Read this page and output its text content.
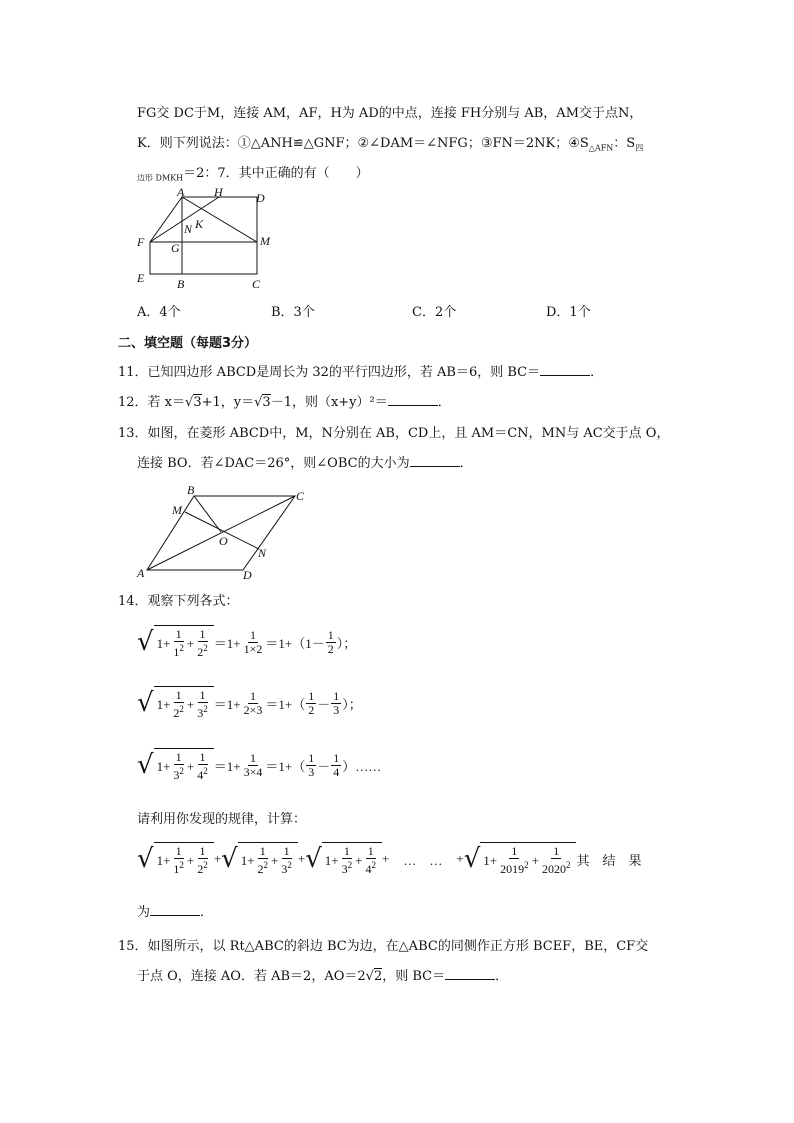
FG交 DC于M，连接 AM，AF，H为 AD的中点，连接 FH分别与 AB，AM交于点N，
K．则下列说法：①△ANH≌△GNF；②∠DAM＝∠NFG；③FN＝2NK；$④S_{\triangle AFN}$：$S_四$
$_{边形 DMKH}$＝2：7．其中正确的有（　　）
A H	D
N K
F G	M
E	B	C
A．4个	B．3个	C．2个	D．1个
二、填空题（每题3分）
11．已知四边形 ABCD是周长为 32的平行四边形，若 AB＝6，则 BC＝	．
12．若 x＝√3+1，y＝√3－1，则（x+y）²＝	．
13．如图，在菱形 ABCD中，M，N分别在 AB，CD上，且 AM＝CN，MN与 AC交于点 O，
连接 BO．若∠DAC＝26°，则∠OBC的大小为	．
B	C
M
O
N
A	D
14．观察下列各式：
√ $1+ \frac{1}{1^2} + \frac{1}{2^2} =1+ \frac{1}{1\times 2} = 1+(1 - \frac{1}{2}$ ）；
√ $1+ \frac{1}{2^2} + \frac{1}{3^2} =1+ \frac{1}{2\times 3} = 1+( \frac{1}{2} - \frac{1}{3}$ ）；
√ $1+ \frac{1}{3^2} + \frac{1}{4^2} =1+ \frac{1}{3\times 4} = 1+( \frac{1}{3} - \frac{1}{4}$ ）……
请利用你发现的规律，计算：
√ $1+ \frac{1}{1^2} + \frac{1}{2^2}$ + √ $1+ \frac{1}{2^2} + \frac{1}{3^2}$ + √ $1+ \frac{1}{3^2} + \frac{1}{4^2}$ + …　… + √ $1+ \frac{1}{2019^2} + \frac{1}{2020^2}$ 其　结　果
为	．
15．如图所示，以 Rt△ABC的斜边 BC为边，在△ABC的同侧作正方形 BCEF，BE，CF交
于点 O，连接 AO．若 AB＝2，AO＝2√2，则 BC＝	．
